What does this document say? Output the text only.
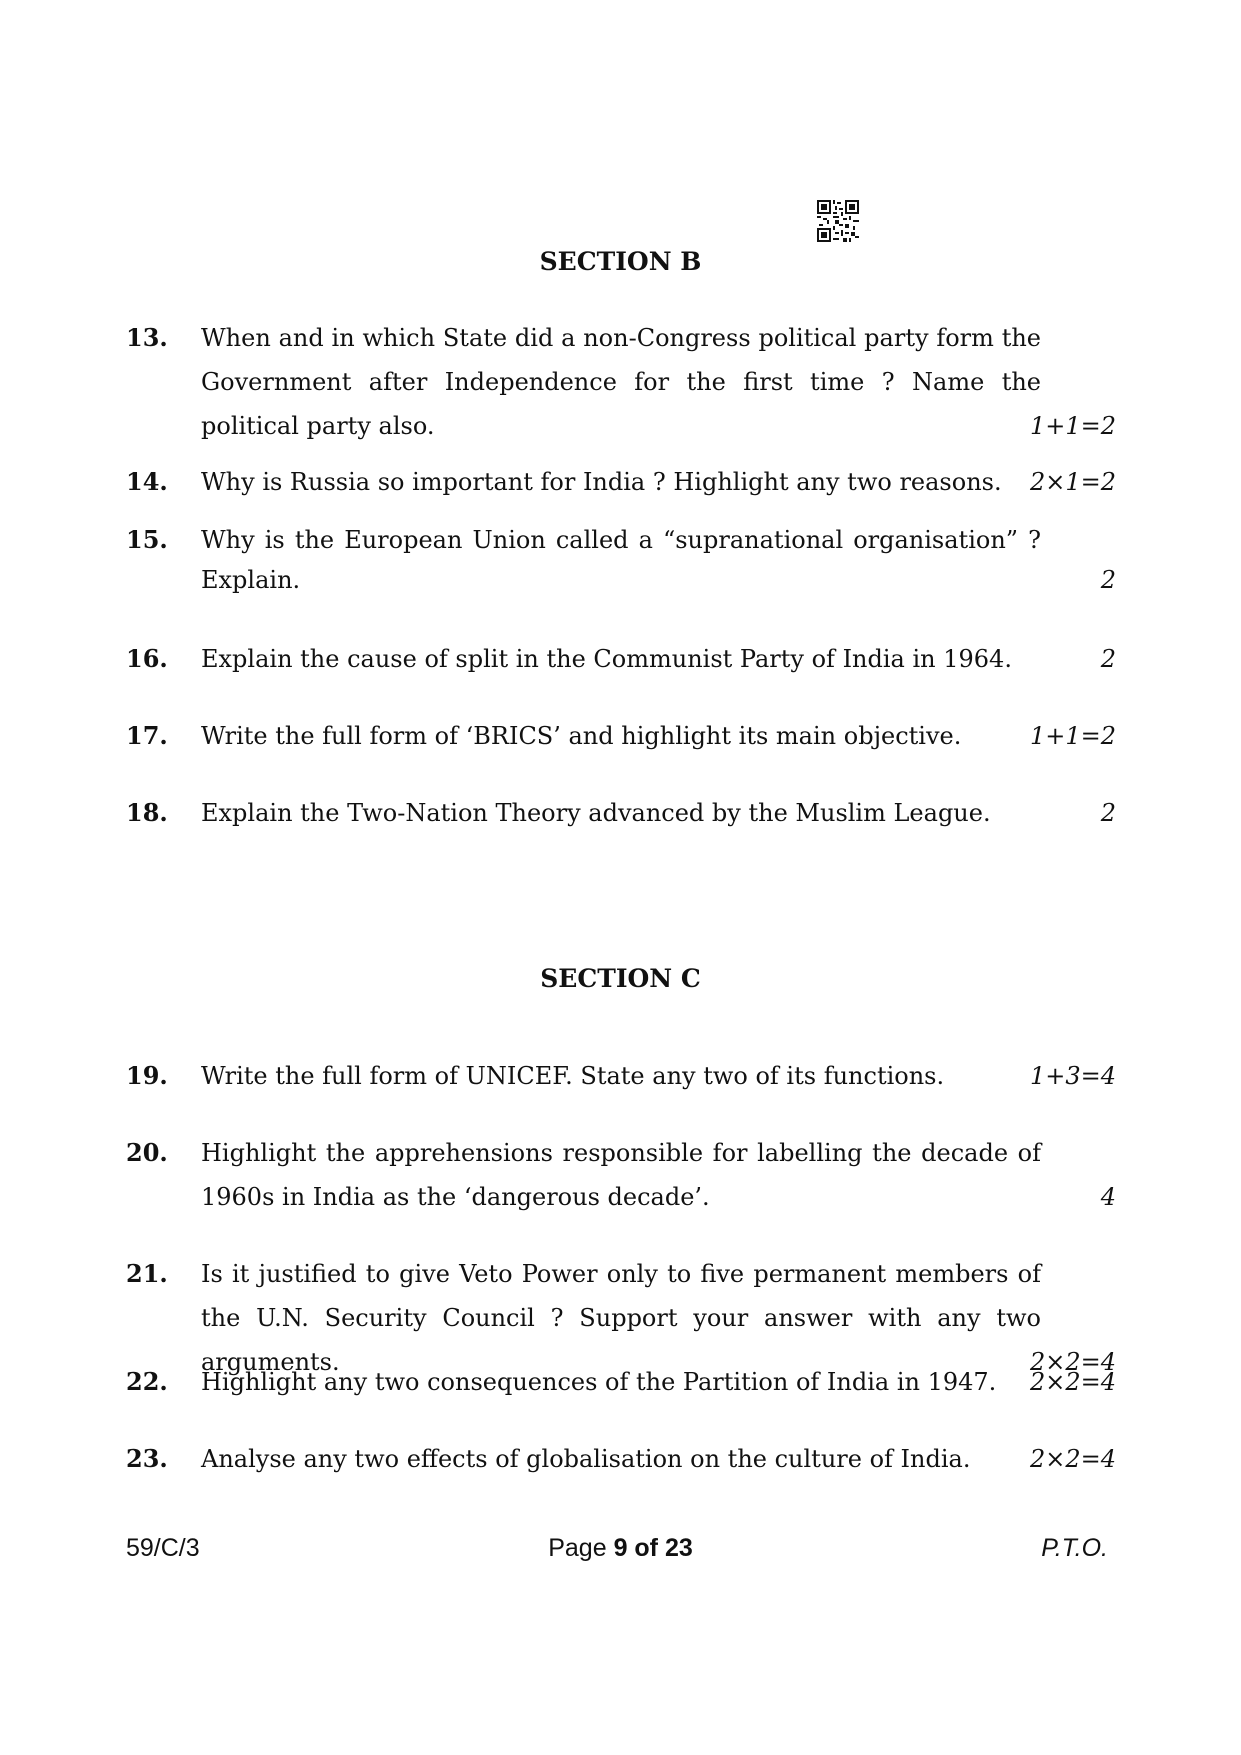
SECTION B
13. When and in which State did a non-Congress political party form the Government after Independence for the first time ? Name the political party also.	1+1=2
14. Why is Russia so important for India ? Highlight any two reasons.	2×1=2
15. Why is the European Union called a “supranational organisation” ? Explain.	2
16. Explain the cause of split in the Communist Party of India in 1964.	2
17. Write the full form of ‘BRICS’ and highlight its main objective.	1+1=2
18. Explain the Two-Nation Theory advanced by the Muslim League.	2
SECTION C
19. Write the full form of UNICEF. State any two of its functions.	1+3=4
20. Highlight the apprehensions responsible for labelling the decade of 1960s in India as the ‘dangerous decade’.	4
21. Is it justified to give Veto Power only to five permanent members of the U.N. Security Council ? Support your answer with any two arguments.	2×2=4
22. Highlight any two consequences of the Partition of India in 1947.	2×2=4
23. Analyse any two effects of globalisation on the culture of India.	2×2=4
59/C/3	Page 9 of 23	P.T.O.
